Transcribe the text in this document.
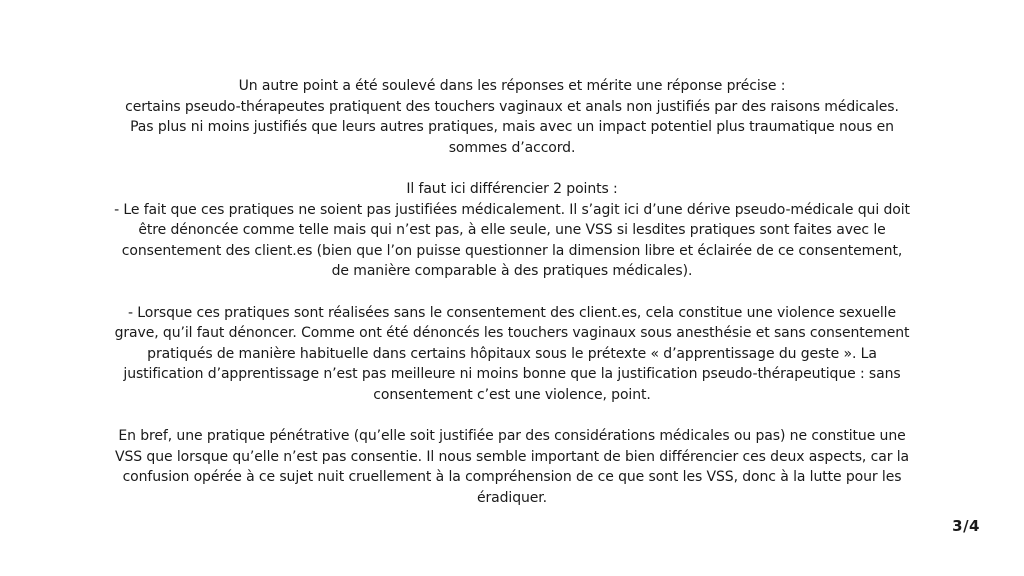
Un autre point a été soulevé dans les réponses et mérite une réponse précise :
certains pseudo-thérapeutes pratiquent des touchers vaginaux et anals non justifiés par des raisons médicales.
Pas plus ni moins justifiés que leurs autres pratiques, mais avec un impact potentiel plus traumatique nous en
sommes d’accord.

Il faut ici différencier 2 points :
- Le fait que ces pratiques ne soient pas justifiées médicalement. Il s’agit ici d’une dérive pseudo-médicale qui doit
être dénoncée comme telle mais qui n’est pas, à elle seule, une VSS si lesdites pratiques sont faites avec le
consentement des client.es (bien que l’on puisse questionner la dimension libre et éclairée de ce consentement,
de manière comparable à des pratiques médicales).

- Lorsque ces pratiques sont réalisées sans le consentement des client.es, cela constitue une violence sexuelle
grave, qu’il faut dénoncer. Comme ont été dénoncés les touchers vaginaux sous anesthésie et sans consentement
pratiqués de manière habituelle dans certains hôpitaux sous le prétexte « d’apprentissage du geste ». La
justification d’apprentissage n’est pas meilleure ni moins bonne que la justification pseudo-thérapeutique : sans
consentement c’est une violence, point.

En bref, une pratique pénétrative (qu’elle soit justifiée par des considérations médicales ou pas) ne constitue une
VSS que lorsque qu’elle n’est pas consentie. Il nous semble important de bien différencier ces deux aspects, car la
confusion opérée à ce sujet nuit cruellement à la compréhension de ce que sont les VSS, donc à la lutte pour les
éradiquer.

3/4
